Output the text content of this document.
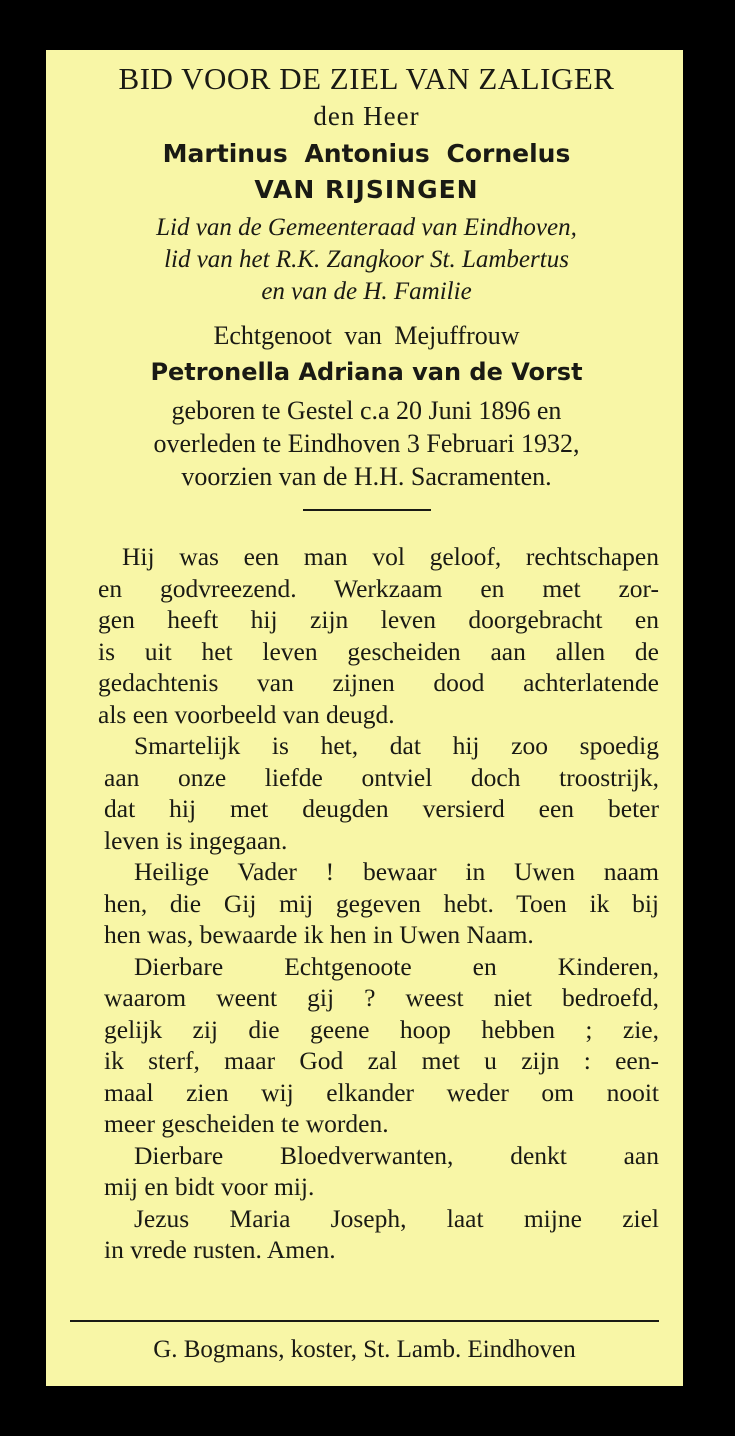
BID VOOR DE ZIEL VAN ZALIGER
den Heer
Martinus Antonius Cornelus
VAN RIJSINGEN
Lid van de Gemeenteraad van Eindhoven,
lid van het R.K. Zangkoor St. Lambertus
en van de H. Familie
Echtgenoot van Mejuffrouw
Petronella Adriana van de Vorst
geboren te Gestel c.a 20 Juni 1896 en
overleden te Eindhoven 3 Februari 1932,
voorzien van de H.H. Sacramenten.

Hij was een man vol geloof, rechtschapen
en godvreezend. Werkzaam en met zor-
gen heeft hij zijn leven doorgebracht en
is uit het leven gescheiden aan allen de
gedachtenis van zijnen dood achterlatende
als een voorbeeld van deugd.

Smartelijk is het, dat hij zoo spoedig
aan onze liefde ontviel doch troostrijk,
dat hij met deugden versierd een beter
leven is ingegaan.

Heilige Vader ! bewaar in Uwen naam
hen, die Gij mij gegeven hebt. Toen ik bij
hen was, bewaarde ik hen in Uwen Naam.

Dierbare Echtgenoote en Kinderen,
waarom weent gij ? weest niet bedroefd,
gelijk zij die geene hoop hebben ; zie,
ik sterf, maar God zal met u zijn : een-
maal zien wij elkander weder om nooit
meer gescheiden te worden.

Dierbare Bloedverwanten, denkt aan
mij en bidt voor mij.

Jezus Maria Joseph, laat mijne ziel
in vrede rusten. Amen.

G. Bogmans, koster, St. Lamb. Eindhoven
